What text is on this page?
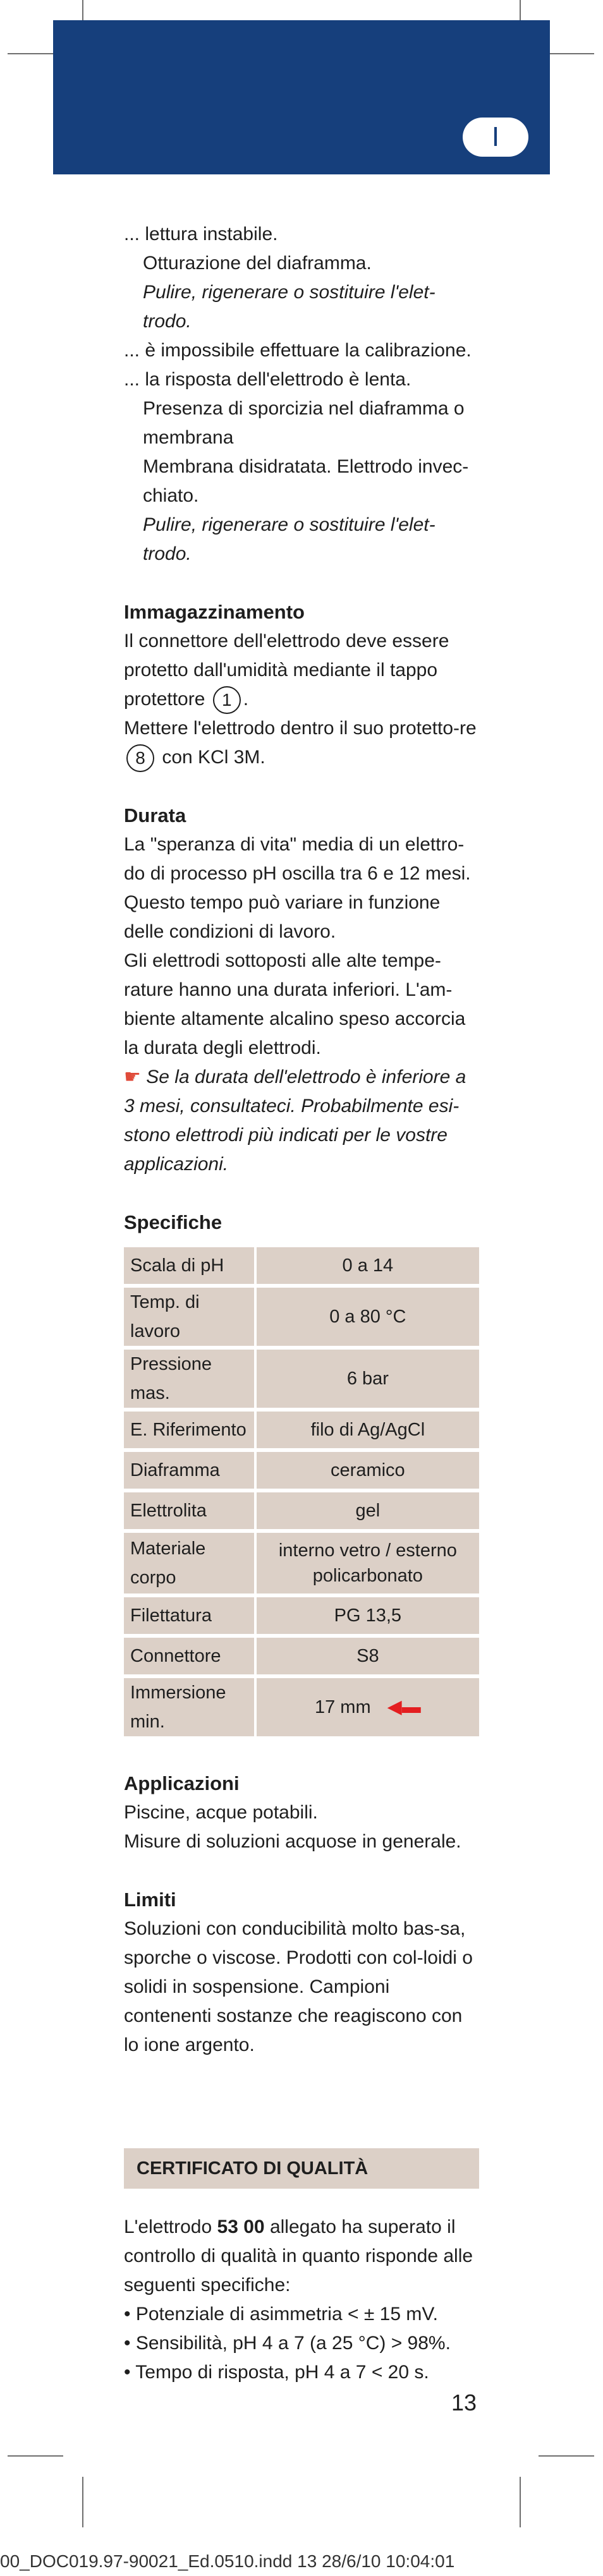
I

... lettura instabile.

Otturazione del diaframma.

Pulire, rigenerare o sostituire l'elet-trodo.

... è impossibile effettuare la calibrazione.

... la risposta dell'elettrodo è lenta.

Presenza di sporcizia nel diaframma o membrana

Membrana disidratata. Elettrodo invec-chiato.

Pulire, rigenerare o sostituire l'elet-trodo.

Immagazzinamento

Il connettore dell'elettrodo deve essere protetto dall'umidità mediante il tappo protettore 1 .

Mettere l'elettrodo dentro il suo protetto-re 8 con KCl 3M.

Durata

La "speranza di vita" media di un elettro-do di processo pH oscilla tra 6 e 12 mesi. Questo tempo può variare in funzione delle condizioni di lavoro.

Gli elettrodi sottoposti alle alte tempe-rature hanno una durata inferiori. L'am-biente altamente alcalino speso accorcia la durata degli elettrodi.

☛ Se la durata dell'elettrodo è inferiore a 3 mesi, consultateci. Probabilmente esi-stono elettrodi più indicati per le vostre applicazioni.

Specifiche
Scala di pH	0 a 14
Temp. di lavoro	0 a 80 °C
Pressione mas.	6 bar
E. Riferimento	filo di Ag/AgCl
Diaframma	ceramico
Elettrolita	gel
Materiale corpo	interno vetro / esterno policarbonato
Filettatura	PG 13,5
Connettore	S8
Immersione min.	17 mm ◀▬
Applicazioni

Piscine, acque potabili.

Misure di soluzioni acquose in generale.

Limiti

Soluzioni con conducibilità molto bas-sa, sporche o viscose. Prodotti con col-loidi o solidi in sospensione. Campioni contenenti sostanze che reagiscono con lo ione argento.

CERTIFICATO DI QUALITÀ

L'elettrodo 53 00 allegato ha superato il controllo di qualità in quanto risponde alle seguenti specifiche:

• Potenziale di asimmetria < ± 15 mV.

• Sensibilità, pH 4 a 7 (a 25 °C) > 98%.

• Tempo di risposta, pH 4 a 7 < 20 s.

13
00_DOC019.97-90021_Ed.0510.indd 13 28/6/10 10:04:01
